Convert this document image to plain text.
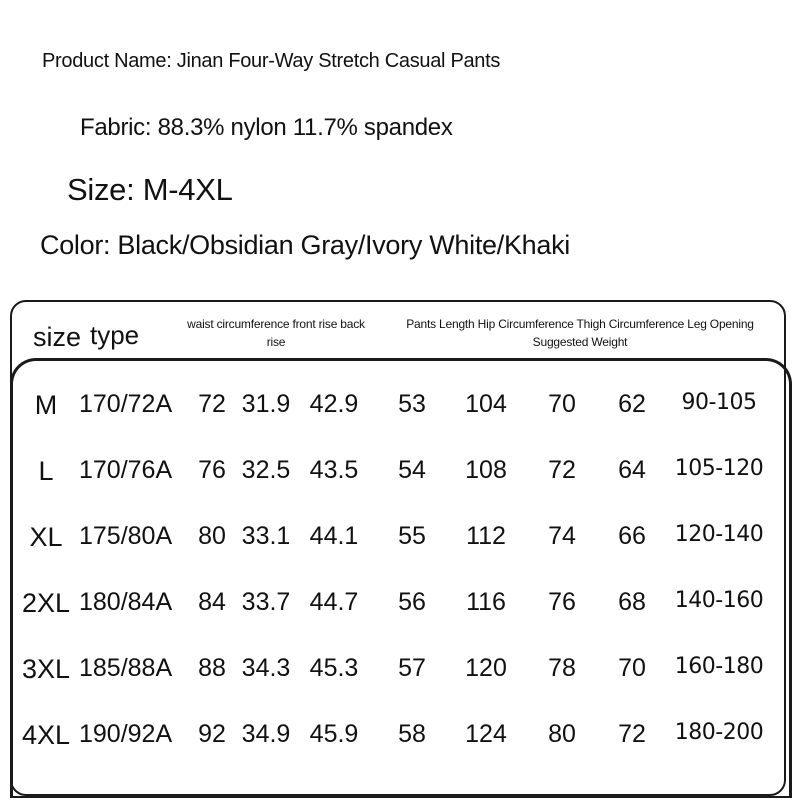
Product Name: Jinan Four-Way Stretch Casual Pants
Fabric: 88.3% nylon 11.7% spandex
Size: M-4XL
Color: Black/Obsidian Gray/Ivory White/Khaki
size type	waist circumference front rise back rise
Pants Length Hip Circumference Thigh Circumference Leg Opening Suggested Weight
M 170/72A 72 31.9 42.9 53 104 70 62 90-105
L 170/76A 76 32.5 43.5 54 108 72 64 105-120
XL 175/80A 80 33.1 44.1 55 112 74 66 120-140
2XL 180/84A 84 33.7 44.7 56 116 76 68 140-160
3XL 185/88A 88 34.3 45.3 57 120 78 70 160-180
4XL 190/92A 92 34.9 45.9 58 124 80 72 180-200
